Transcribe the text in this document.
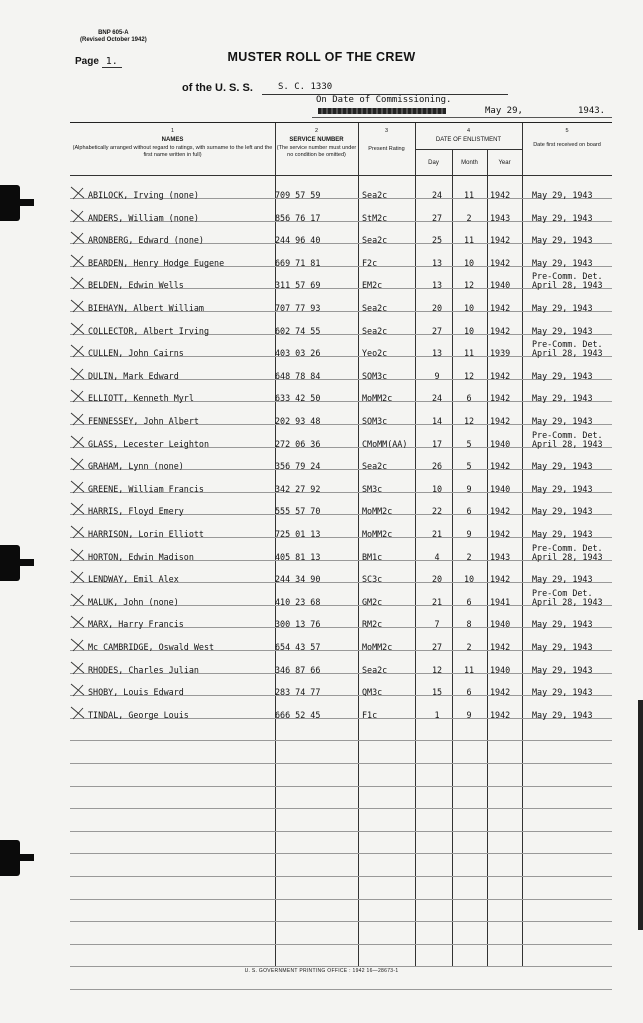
BNP 605-A
(Revised October 1942)
Page 1.	MUSTER ROLL OF THE CREW
of the U. S. S.	S. C. 1330
On Date of Commissioning.
May 29,	1943.
1
NAMES
(Alphabetically arranged without regard to ratings, with surname to the left and the first name written in full)
2
SERVICE NUMBER
(The service number must under no condition be omitted)
3
Present Rating
4
DATE OF ENLISTMENT
Day	Month	Year
5
Date first received on board
ABILOCK, Irving (none)	709 57 59	Sea2c	24	11	1942	May 29, 1943
ANDERS, William (none)	856 76 17	StM2c	27	2	1943	May 29, 1943
ARONBERG, Edward (none)	244 96 40	Sea2c	25	11	1942	May 29, 1943
BEARDEN, Henry Hodge Eugene	669 71 81	F2c	13	10	1942	May 29, 1943
BELDEN, Edwin Wells	311 57 69	EM2c	13	12	1940
Pre-Comm. Det.
April 28, 1943
BIEHAYN, Albert William	707 77 93	Sea2c	20	10	1942	May 29, 1943
COLLECTOR, Albert Irving	602 74 55	Sea2c	27	10	1942	May 29, 1943
CULLEN, John Cairns	403 03 26	Yeo2c	13	11	1939
Pre-Comm. Det.
April 28, 1943
DULIN, Mark Edward	648 78 84	SOM3c	9	12	1942	May 29, 1943
ELLIOTT, Kenneth Myrl	633 42 50	MoMM2c	24	6	1942	May 29, 1943
FENNESSEY, John Albert	202 93 48	SOM3c	14	12	1942	May 29, 1943
GLASS, Lecester Leighton	272 06 36	CMoMM(AA)	17	5	1940
Pre-Comm. Det.
April 28, 1943
GRAHAM, Lynn (none)	356 79 24	Sea2c	26	5	1942	May 29, 1943
GREENE, William Francis	342 27 92	SM3c	10	9	1940	May 29, 1943
HARRIS, Floyd Emery	555 57 70	MoMM2c	22	6	1942	May 29, 1943
HARRISON, Lorin Elliott	725 01 13	MoMM2c	21	9	1942	May 29, 1943
HORTON, Edwin Madison	405 81 13	BM1c	4	2	1943
Pre-Comm. Det.
April 28, 1943
LENDWAY, Emil Alex	244 34 90	SC3c	20	10	1942	May 29, 1943
MALUK, John (none)	410 23 68	GM2c	21	6	1941
Pre-Com Det.
April 28, 1943
MARX, Harry Francis	300 13 76	RM2c	7	8	1940	May 29, 1943
Mc CAMBRIDGE, Oswald West	654 43 57	MoMM2c	27	2	1942	May 29, 1943
RHODES, Charles Julian	346 87 66	Sea2c	12	11	1940	May 29, 1943
SHOBY, Louis Edward	283 74 77	QM3c	15	6	1942	May 29, 1943
TINDAL, George Louis	666 52 45	F1c	1	9	1942	May 29, 1943
U. S. GOVERNMENT PRINTING OFFICE : 1942 16—28673-1
